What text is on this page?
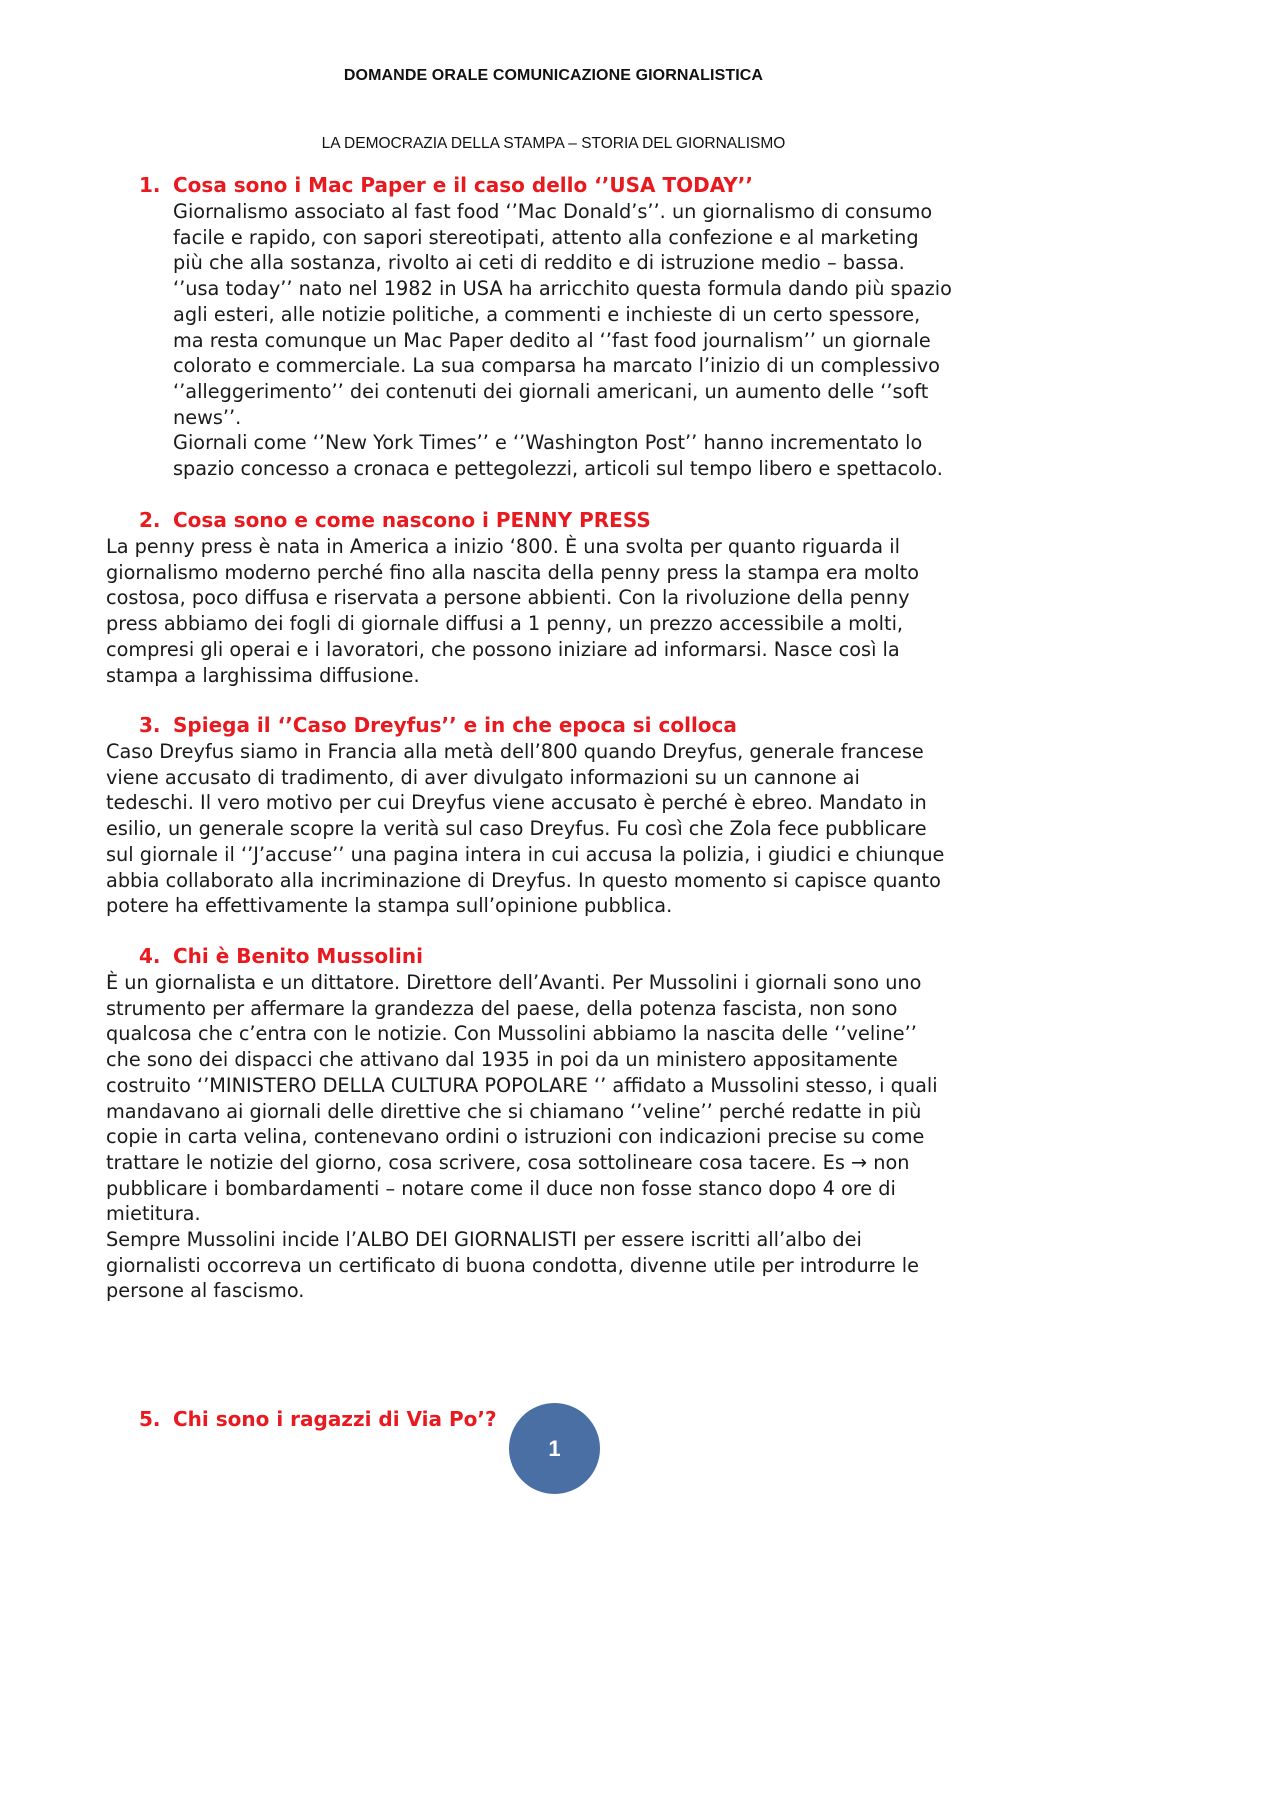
DOMANDE ORALE COMUNICAZIONE GIORNALISTICA
LA DEMOCRAZIA DELLA STAMPA – STORIA DEL GIORNALISMO
1. Cosa sono i Mac Paper e il caso dello ‘’USA TODAY’’

Giornalismo associato al fast food ‘’Mac Donald’s’’. un giornalismo di consumo
facile e rapido, con sapori stereotipati, attento alla confezione e al marketing
più che alla sostanza, rivolto ai ceti di reddito e di istruzione medio – bassa.
‘’usa today’’ nato nel 1982 in USA ha arricchito questa formula dando più spazio
agli esteri, alle notizie politiche, a commenti e inchieste di un certo spessore,
ma resta comunque un Mac Paper dedito al ‘’fast food journalism’’ un giornale
colorato e commerciale. La sua comparsa ha marcato l’inizio di un complessivo
‘’alleggerimento’’ dei contenuti dei giornali americani, un aumento delle ‘’soft
news’’.
Giornali come ‘’New York Times’’ e ‘’Washington Post’’ hanno incrementato lo
spazio concesso a cronaca e pettegolezzi, articoli sul tempo libero e spettacolo.

2. Cosa sono e come nascono i PENNY PRESS

La penny press è nata in America a inizio ‘800. È una svolta per quanto riguarda il
giornalismo moderno perché fino alla nascita della penny press la stampa era molto
costosa, poco diffusa e riservata a persone abbienti. Con la rivoluzione della penny
press abbiamo dei fogli di giornale diffusi a 1 penny, un prezzo accessibile a molti,
compresi gli operai e i lavoratori, che possono iniziare ad informarsi. Nasce così la
stampa a larghissima diffusione.

3. Spiega il ‘’Caso Dreyfus’’ e in che epoca si colloca

Caso Dreyfus siamo in Francia alla metà dell’800 quando Dreyfus, generale francese
viene accusato di tradimento, di aver divulgato informazioni su un cannone ai
tedeschi. Il vero motivo per cui Dreyfus viene accusato è perché è ebreo. Mandato in
esilio, un generale scopre la verità sul caso Dreyfus. Fu così che Zola fece pubblicare
sul giornale il ‘’J’accuse’’ una pagina intera in cui accusa la polizia, i giudici e chiunque
abbia collaborato alla incriminazione di Dreyfus. In questo momento si capisce quanto
potere ha effettivamente la stampa sull’opinione pubblica.

4. Chi è Benito Mussolini

È un giornalista e un dittatore. Direttore dell’Avanti. Per Mussolini i giornali sono uno
strumento per affermare la grandezza del paese, della potenza fascista, non sono
qualcosa che c’entra con le notizie. Con Mussolini abbiamo la nascita delle ‘’veline’’
che sono dei dispacci che attivano dal 1935 in poi da un ministero appositamente
costruito ‘’MINISTERO DELLA CULTURA POPOLARE ‘’ affidato a Mussolini stesso, i quali
mandavano ai giornali delle direttive che si chiamano ‘’veline’’ perché redatte in più
copie in carta velina, contenevano ordini o istruzioni con indicazioni precise su come
trattare le notizie del giorno, cosa scrivere, cosa sottolineare cosa tacere. Es → non
pubblicare i bombardamenti – notare come il duce non fosse stanco dopo 4 ore di
mietitura.
Sempre Mussolini incide l’ALBO DEI GIORNALISTI per essere iscritti all’albo dei
giornalisti occorreva un certificato di buona condotta, divenne utile per introdurre le
persone al fascismo.

5. Chi sono i ragazzi di Via Po’?
1
